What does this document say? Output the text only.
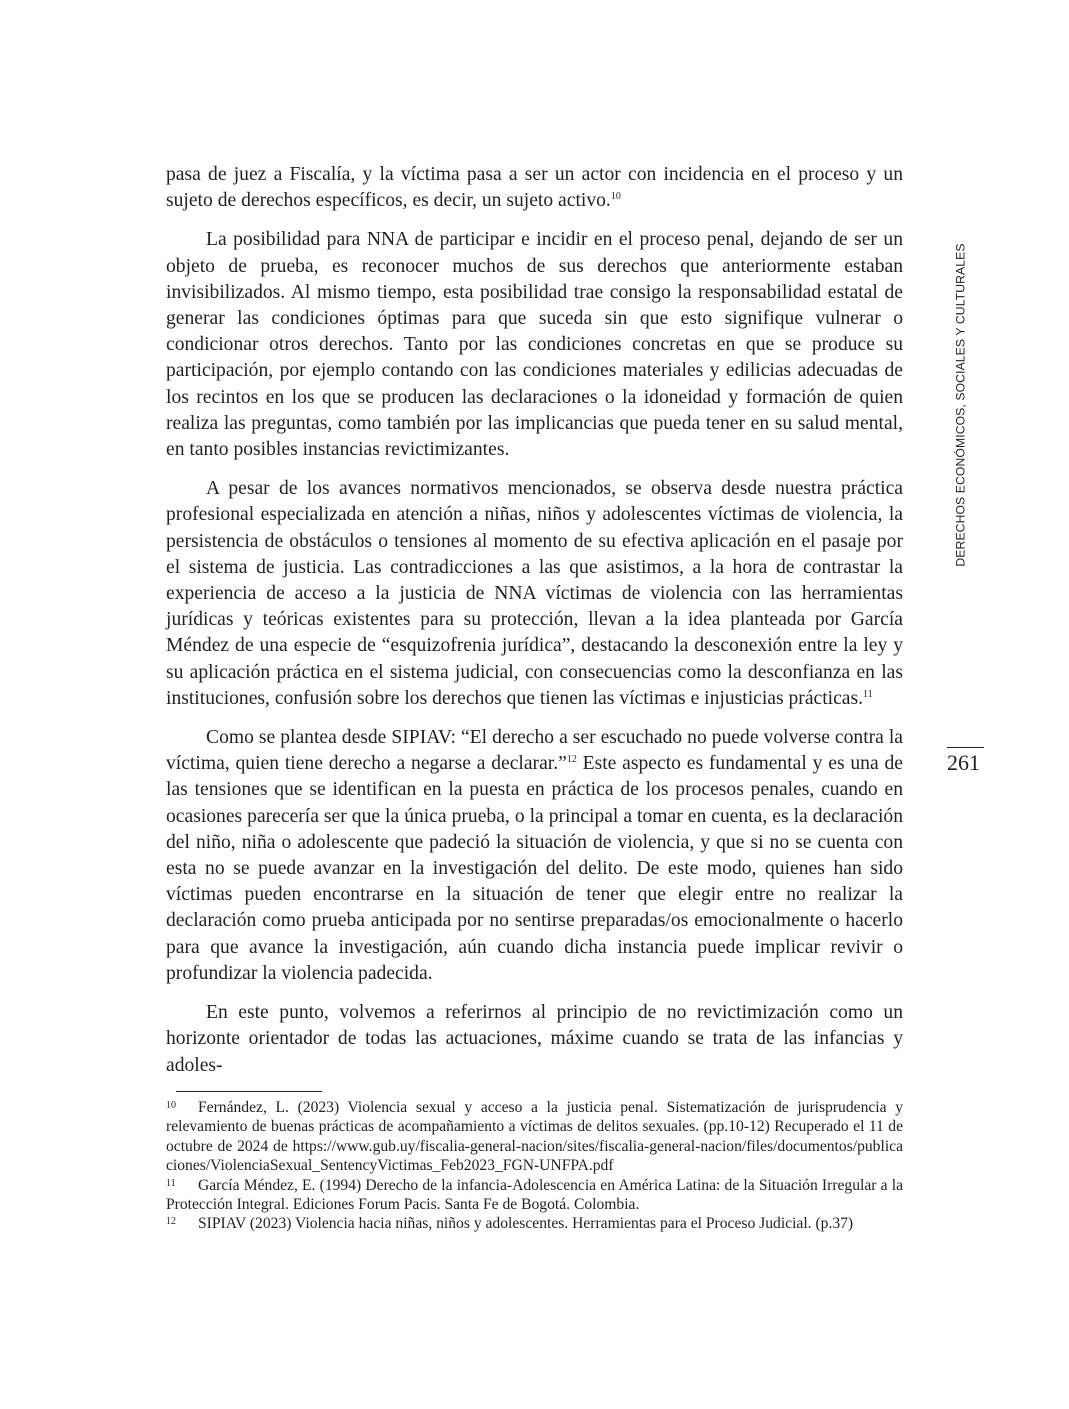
DERECHOS ECONÓMICOS, SOCIALES Y CULTURALES
261

pasa de juez a Fiscalía, y la víctima pasa a ser un actor con incidencia en el proceso y un sujeto de derechos específicos, es decir, un sujeto activo.$^{10}$

La posibilidad para NNA de participar e incidir en el proceso penal, dejando de ser un objeto de prueba, es reconocer muchos de sus derechos que anteriormente estaban invisibilizados. Al mismo tiempo, esta posibilidad trae consigo la responsabilidad estatal de generar las condiciones óptimas para que suceda sin que esto signifique vulnerar o condicionar otros derechos. Tanto por las condiciones concretas en que se produce su participación, por ejemplo contando con las condiciones materiales y edilicias adecuadas de los recintos en los que se producen las declaraciones o la idoneidad y formación de quien realiza las preguntas, como también por las implicancias que pueda tener en su salud mental, en tanto posibles instancias revictimizantes.

A pesar de los avances normativos mencionados, se observa desde nuestra práctica profesional especializada en atención a niñas, niños y adolescentes víctimas de violencia, la persistencia de obstáculos o tensiones al momento de su efectiva aplicación en el pasaje por el sistema de justicia. Las contradicciones a las que asistimos, a la hora de contrastar la experiencia de acceso a la justicia de NNA víctimas de violencia con las herramientas jurídicas y teóricas existentes para su protección, llevan a la idea planteada por García Méndez de una especie de “esquizofrenia jurídica”, destacando la desconexión entre la ley y su aplicación práctica en el sistema judicial, con consecuencias como la desconfianza en las instituciones, confusión sobre los derechos que tienen las víctimas e injusticias prácticas.$^{11}$

Como se plantea desde SIPIAV: “El derecho a ser escuchado no puede volverse contra la víctima, quien tiene derecho a negarse a declarar.”$^{12}$ Este aspecto es fundamental y es una de las tensiones que se identifican en la puesta en práctica de los procesos penales, cuando en ocasiones parecería ser que la única prueba, o la principal a tomar en cuenta, es la declaración del niño, niña o adolescente que padeció la situación de violencia, y que si no se cuenta con esta no se puede avanzar en la investigación del delito. De este modo, quienes han sido víctimas pueden encontrarse en la situación de tener que elegir entre no realizar la declaración como prueba anticipada por no sentirse preparadas/os emocionalmente o hacerlo para que avance la investigación, aún cuando dicha instancia puede implicar revivir o profundizar la violencia padecida.

En este punto, volvemos a referirnos al principio de no revictimización como un horizonte orientador de todas las actuaciones, máxime cuando se trata de las infancias y adoles-

10 Fernández, L. (2023) Violencia sexual y acceso a la justicia penal. Sistematización de jurisprudencia y relevamiento de buenas prácticas de acompañamiento a víctimas de delitos sexuales. (pp.10-12) Recuperado el 11 de octubre de 2024 de https://www.gub.uy/fiscalia-general-nacion/sites/fiscalia-general-nacion/files/documentos/publicaciones/ViolenciaSexual_SentencyVictimas_Feb2023_FGN-UNFPA.pdf

11 García Méndez, E. (1994) Derecho de la infancia-Adolescencia en América Latina: de la Situación Irregular a la Protección Integral. Ediciones Forum Pacis. Santa Fe de Bogotá. Colombia.

12 SIPIAV (2023) Violencia hacia niñas, niños y adolescentes. Herramientas para el Proceso Judicial. (p.37)
